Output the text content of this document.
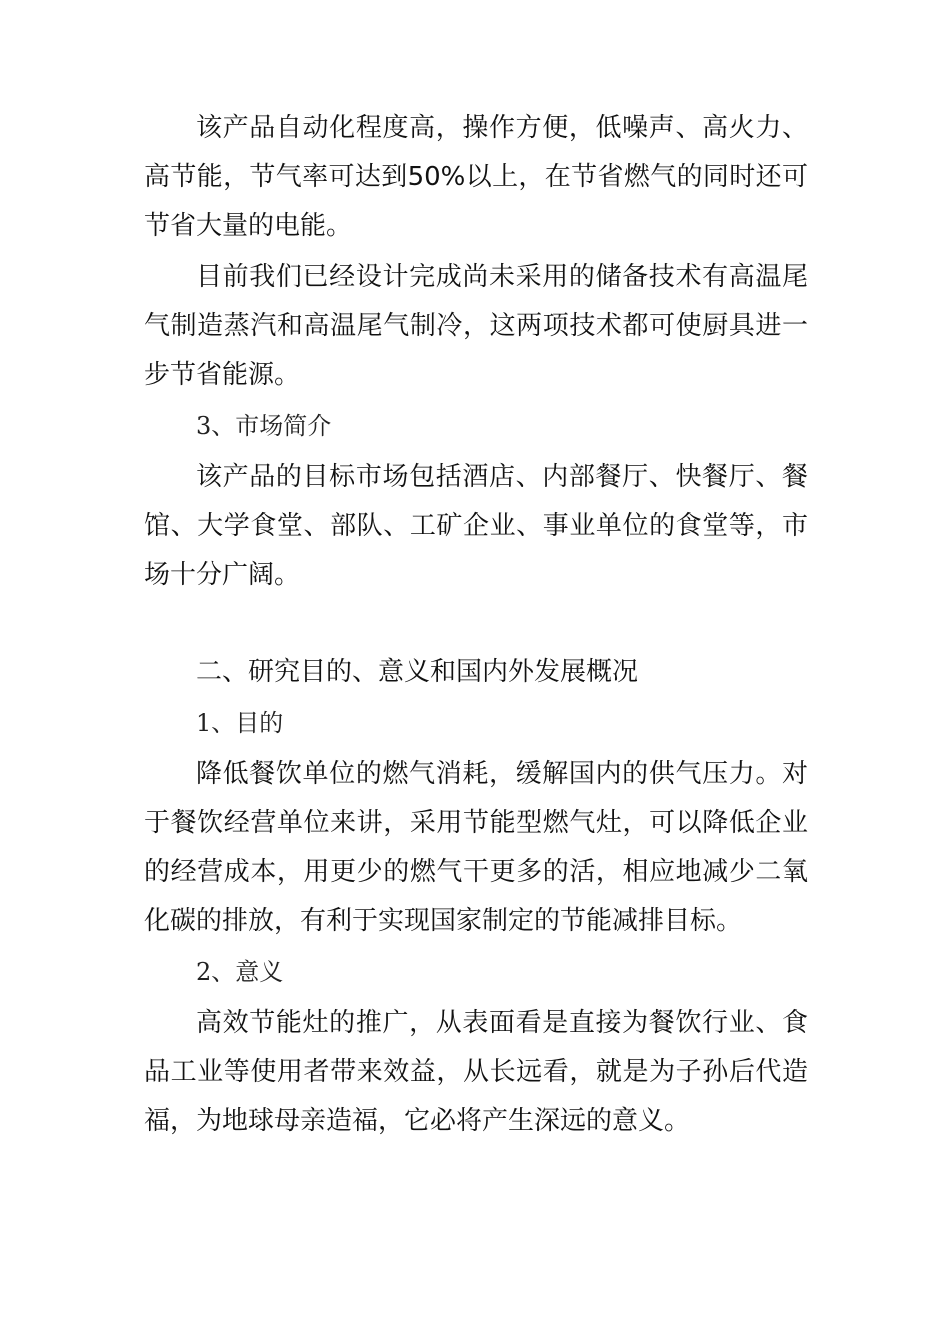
该产品自动化程度高，操作方便，低噪声、高火力、高节能，节气率可达到50%以上，在节省燃气的同时还可节省大量的电能。

目前我们已经设计完成尚未采用的储备技术有高温尾气制造蒸汽和高温尾气制冷，这两项技术都可使厨具进一步节省能源。

3、市场简介

该产品的目标市场包括酒店、内部餐厅、快餐厅、餐馆、大学食堂、部队、工矿企业、事业单位的食堂等，市场十分广阔。

二、研究目的、意义和国内外发展概况

1、目的

降低餐饮单位的燃气消耗，缓解国内的供气压力。对于餐饮经营单位来讲，采用节能型燃气灶，可以降低企业的经营成本，用更少的燃气干更多的活，相应地减少二氧化碳的排放，有利于实现国家制定的节能减排目标。

2、意义

高效节能灶的推广，从表面看是直接为餐饮行业、食品工业等使用者带来效益，从长远看，就是为子孙后代造福，为地球母亲造福，它必将产生深远的意义。
